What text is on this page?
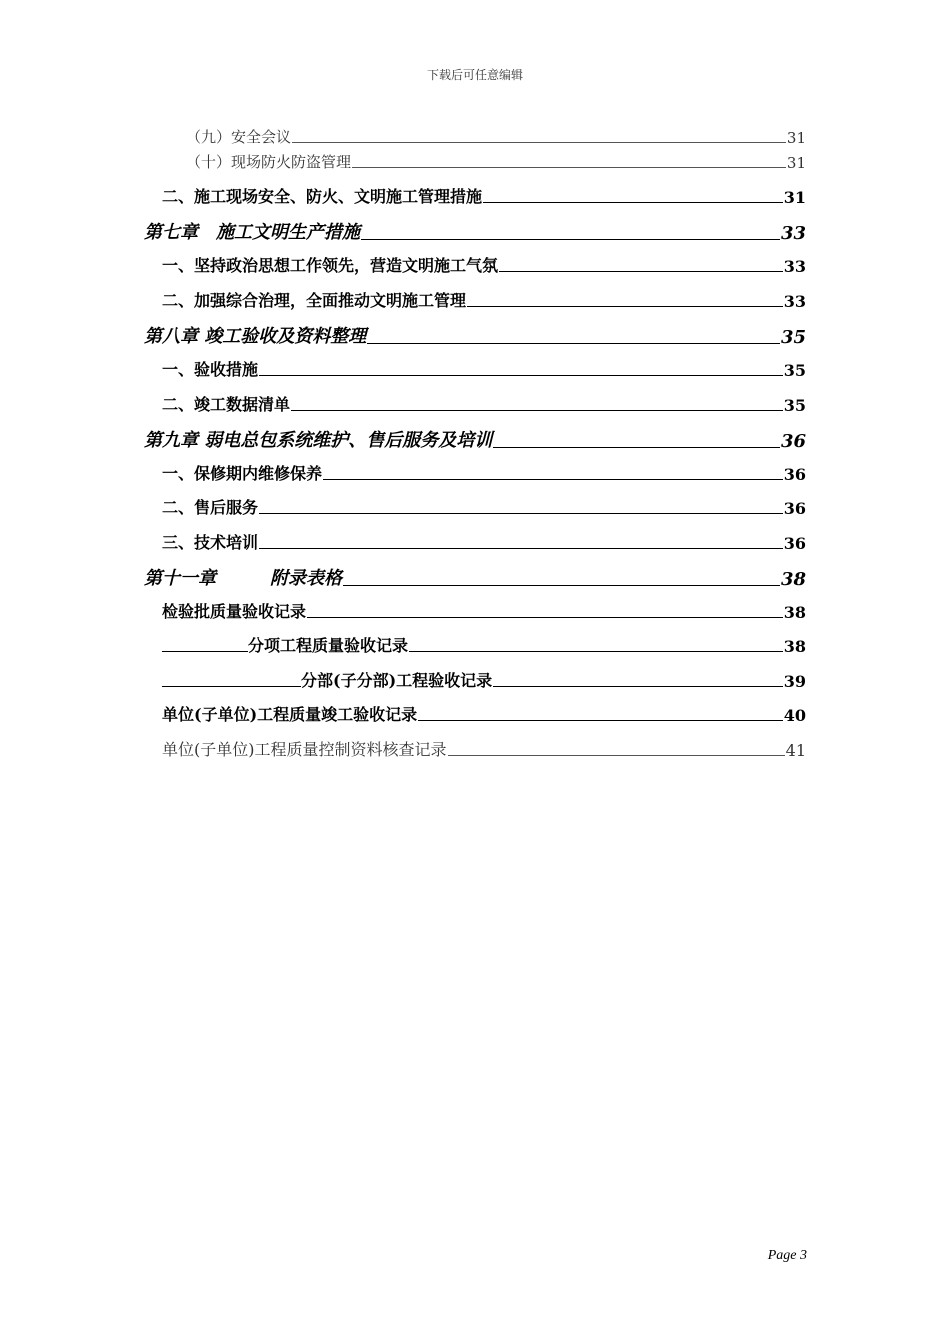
下载后可任意编辑
（九）安全会议	31
（十）现场防火防盗管理	31
二、施工现场安全、防火、文明施工管理措施	31
第七章　施工文明生产措施	33
一、坚持政治思想工作领先，营造文明施工气氛	33
二、加强综合治理，全面推动文明施工管理	33
第八章 竣工验收及资料整理	35
一、验收措施	35
二、竣工数据清单	35
第九章 弱电总包系统维护、售后服务及培训	36
一、保修期内维修保养	36
二、售后服务	36
三、技术培训	36
第十一章　　　附录表格	38
检验批质量验收记录	38
分项工程质量验收记录	38
分部(子分部)工程验收记录	39
单位(子单位)工程质量竣工验收记录	40
单位(子单位)工程质量控制资料核查记录	41
Page 3
